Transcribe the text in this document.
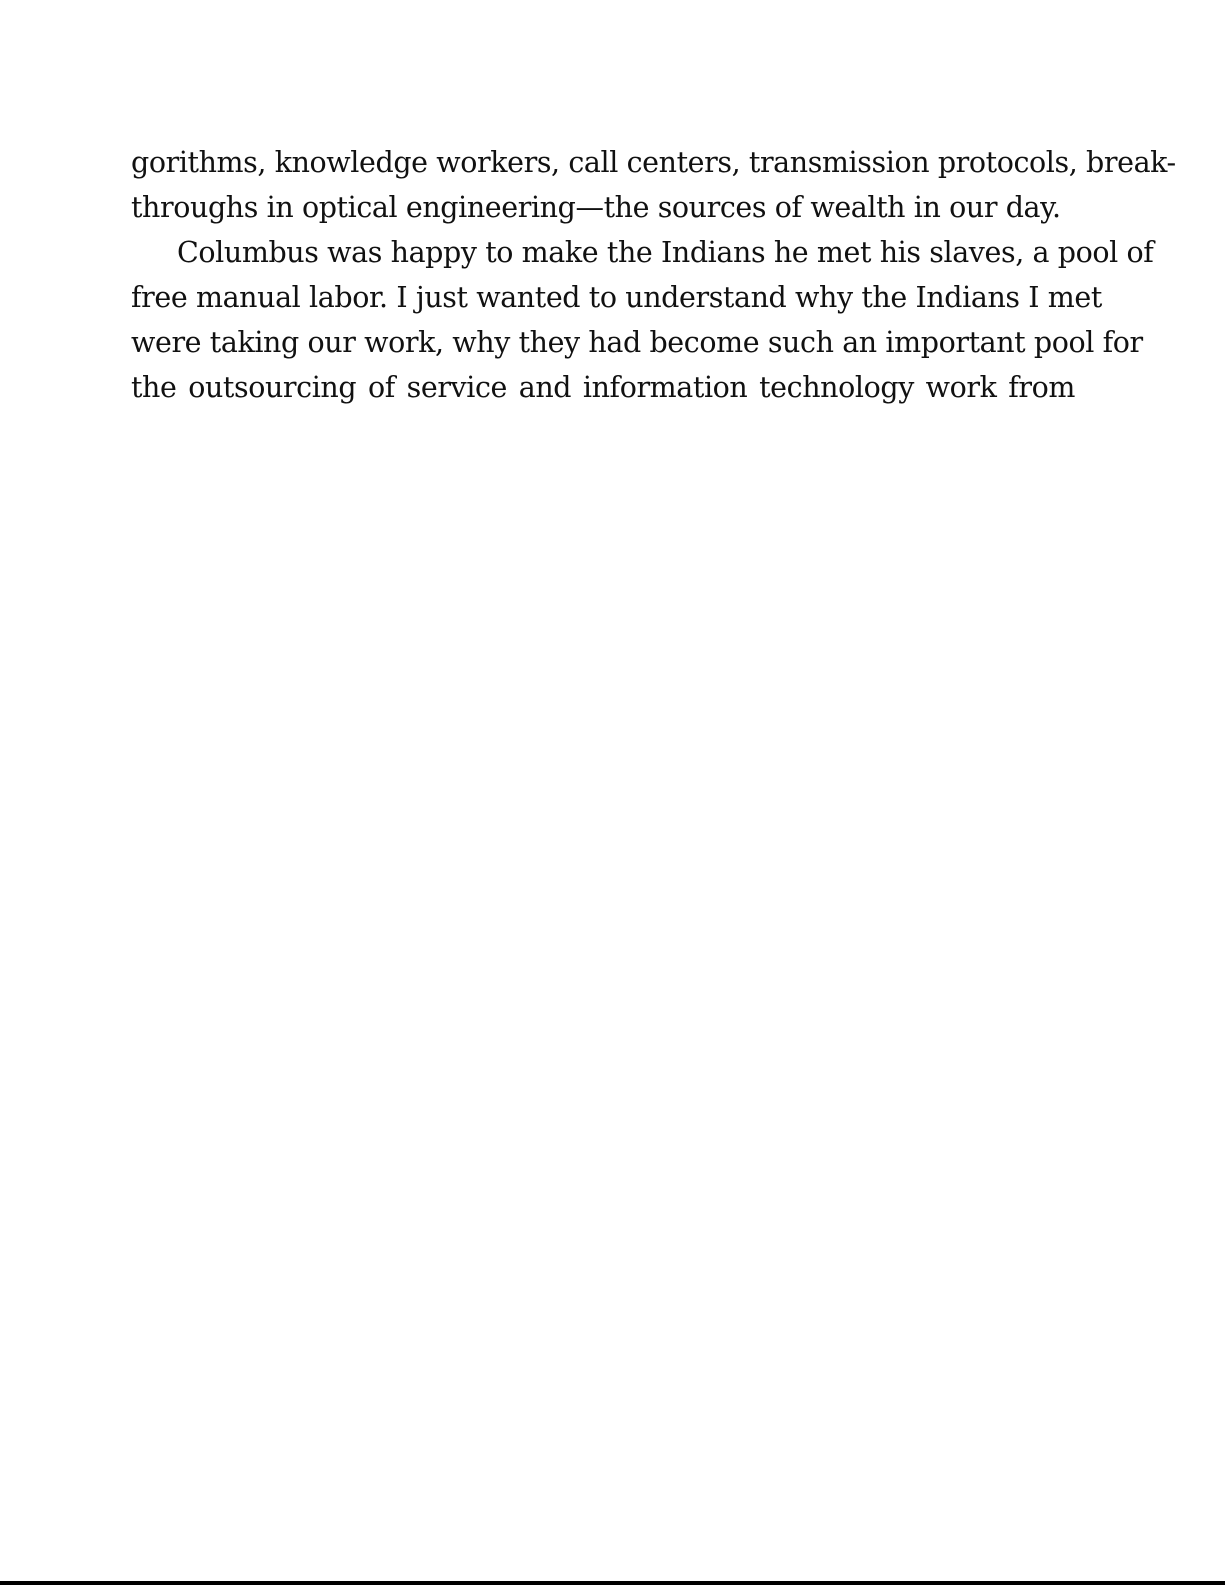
gorithms, knowledge workers, call centers, transmission protocols, break-
throughs in optical engineering—the sources of wealth in our day.
Columbus was happy to make the Indians he met his slaves, a pool of
free manual labor. I just wanted to understand why the Indians I met
were taking our work, why they had become such an important pool for
the outsourcing of service and information technology work from
